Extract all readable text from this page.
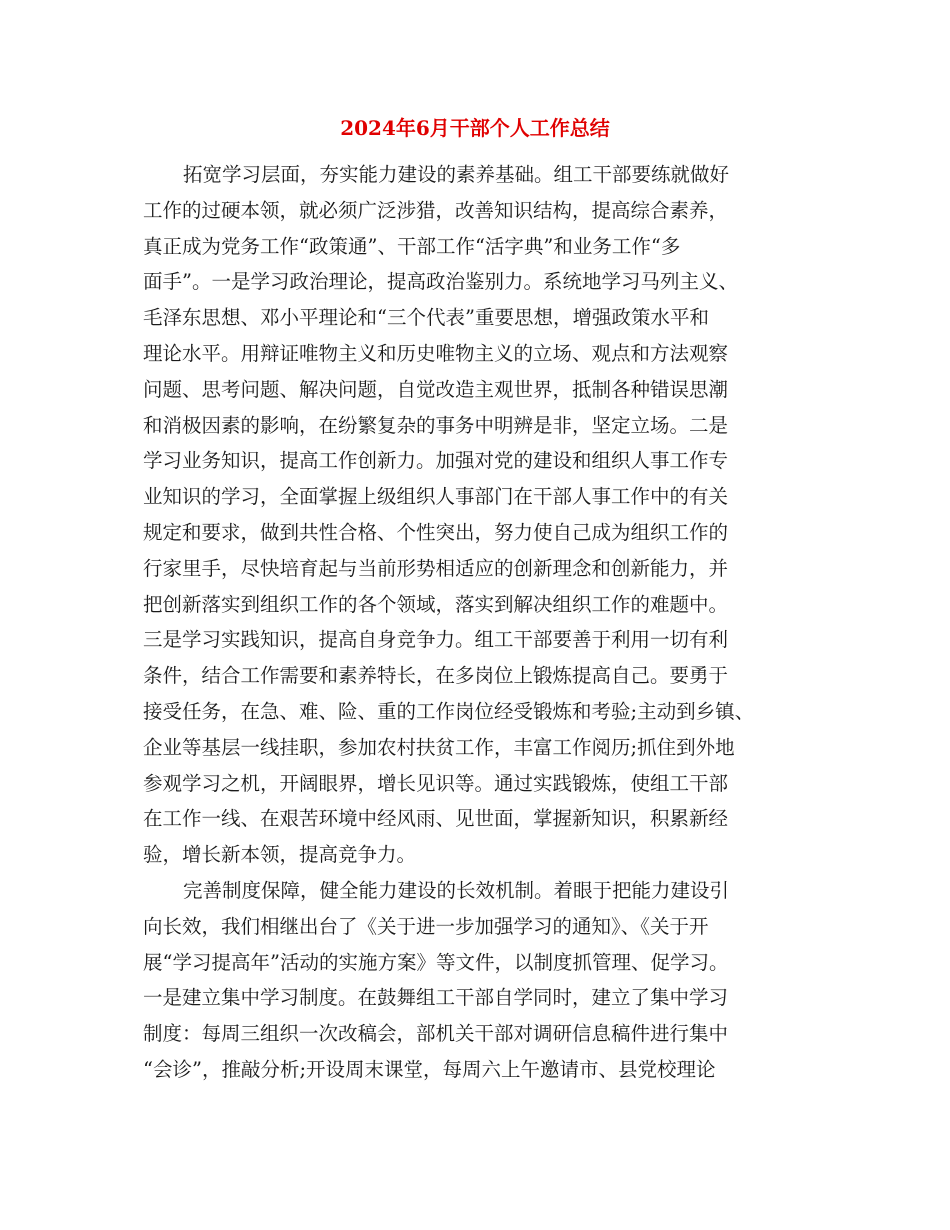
2024年6月干部个人工作总结

拓宽学习层面，夯实能力建设的素养基础。组工干部要练就做好

工作的过硬本领，就必须广泛涉猎，改善知识结构，提高综合素养，

真正成为党务工作“政策通”、干部工作“活字典”和业务工作“多

面手”。一是学习政治理论，提高政治鉴别力。系统地学习马列主义、

毛泽东思想、邓小平理论和“三个代表”重要思想，增强政策水平和

理论水平。用辩证唯物主义和历史唯物主义的立场、观点和方法观察

问题、思考问题、解决问题，自觉改造主观世界，抵制各种错误思潮

和消极因素的影响，在纷繁复杂的事务中明辨是非，坚定立场。二是

学习业务知识，提高工作创新力。加强对党的建设和组织人事工作专

业知识的学习，全面掌握上级组织人事部门在干部人事工作中的有关

规定和要求，做到共性合格、个性突出，努力使自己成为组织工作的

行家里手，尽快培育起与当前形势相适应的创新理念和创新能力，并

把创新落实到组织工作的各个领域，落实到解决组织工作的难题中。

三是学习实践知识，提高自身竞争力。组工干部要善于利用一切有利

条件，结合工作需要和素养特长，在多岗位上锻炼提高自己。要勇于

接受任务，在急、难、险、重的工作岗位经受锻炼和考验;主动到乡镇、

企业等基层一线挂职，参加农村扶贫工作，丰富工作阅历;抓住到外地

参观学习之机，开阔眼界，增长见识等。通过实践锻炼，使组工干部

在工作一线、在艰苦环境中经风雨、见世面，掌握新知识，积累新经

验，增长新本领，提高竞争力。

完善制度保障，健全能力建设的长效机制。着眼于把能力建设引

向长效，我们相继出台了《关于进一步加强学习的通知》、《关于开

展“学习提高年”活动的实施方案》等文件，以制度抓管理、促学习。

一是建立集中学习制度。在鼓舞组工干部自学同时，建立了集中学习

制度：每周三组织一次改稿会，部机关干部对调研信息稿件进行集中

“会诊”，推敲分析;开设周末课堂，每周六上午邀请市、县党校理论
